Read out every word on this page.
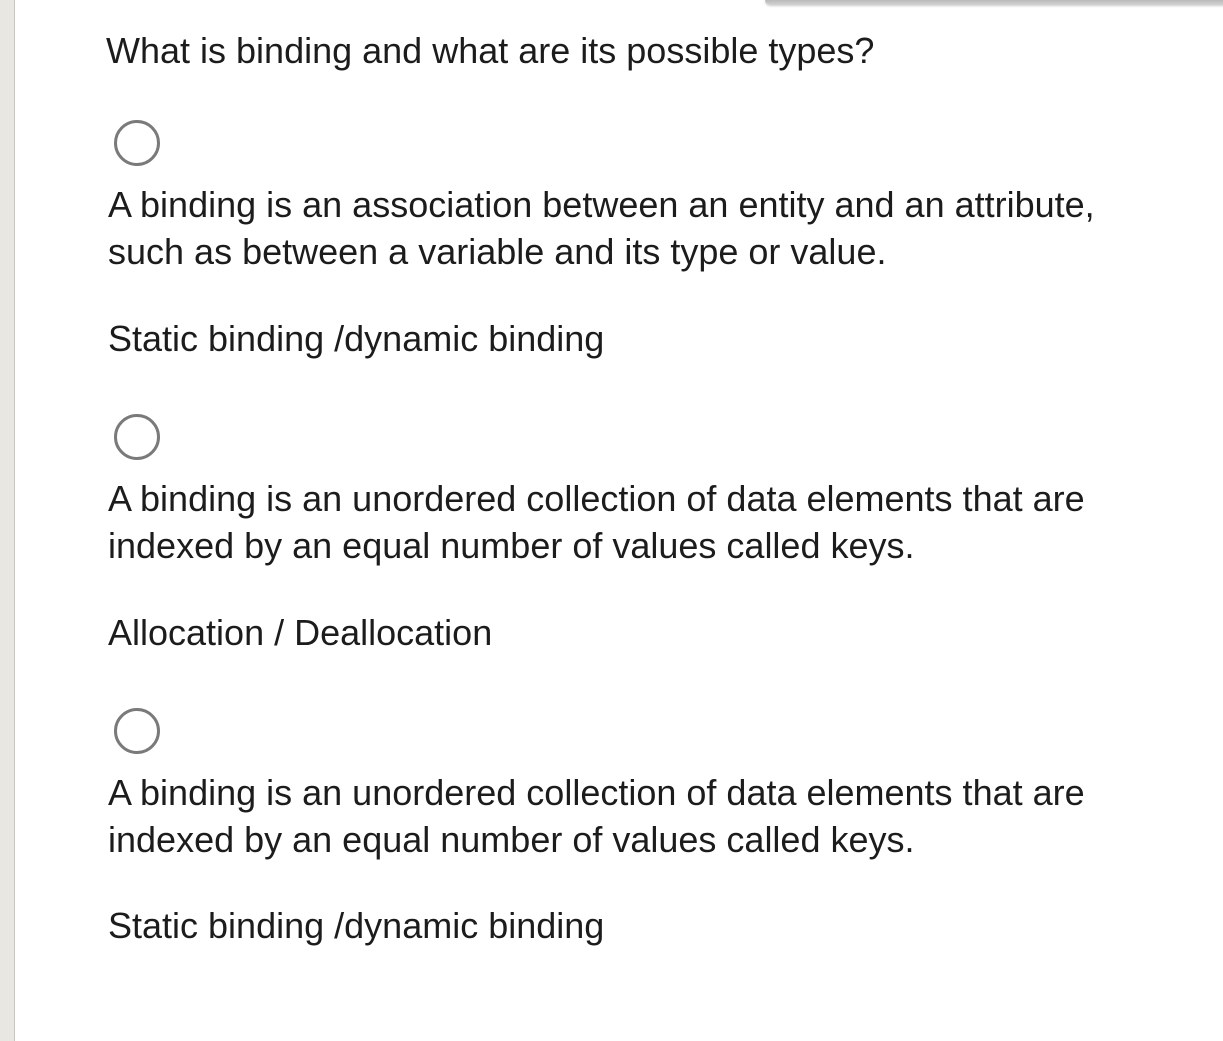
What is binding and what are its possible types?

A binding is an association between an entity and an attribute,
such as between a variable and its type or value.

Static binding /dynamic binding

A binding is an unordered collection of data elements that are
indexed by an equal number of values called keys.

Allocation / Deallocation

A binding is an unordered collection of data elements that are
indexed by an equal number of values called keys.

Static binding /dynamic binding
